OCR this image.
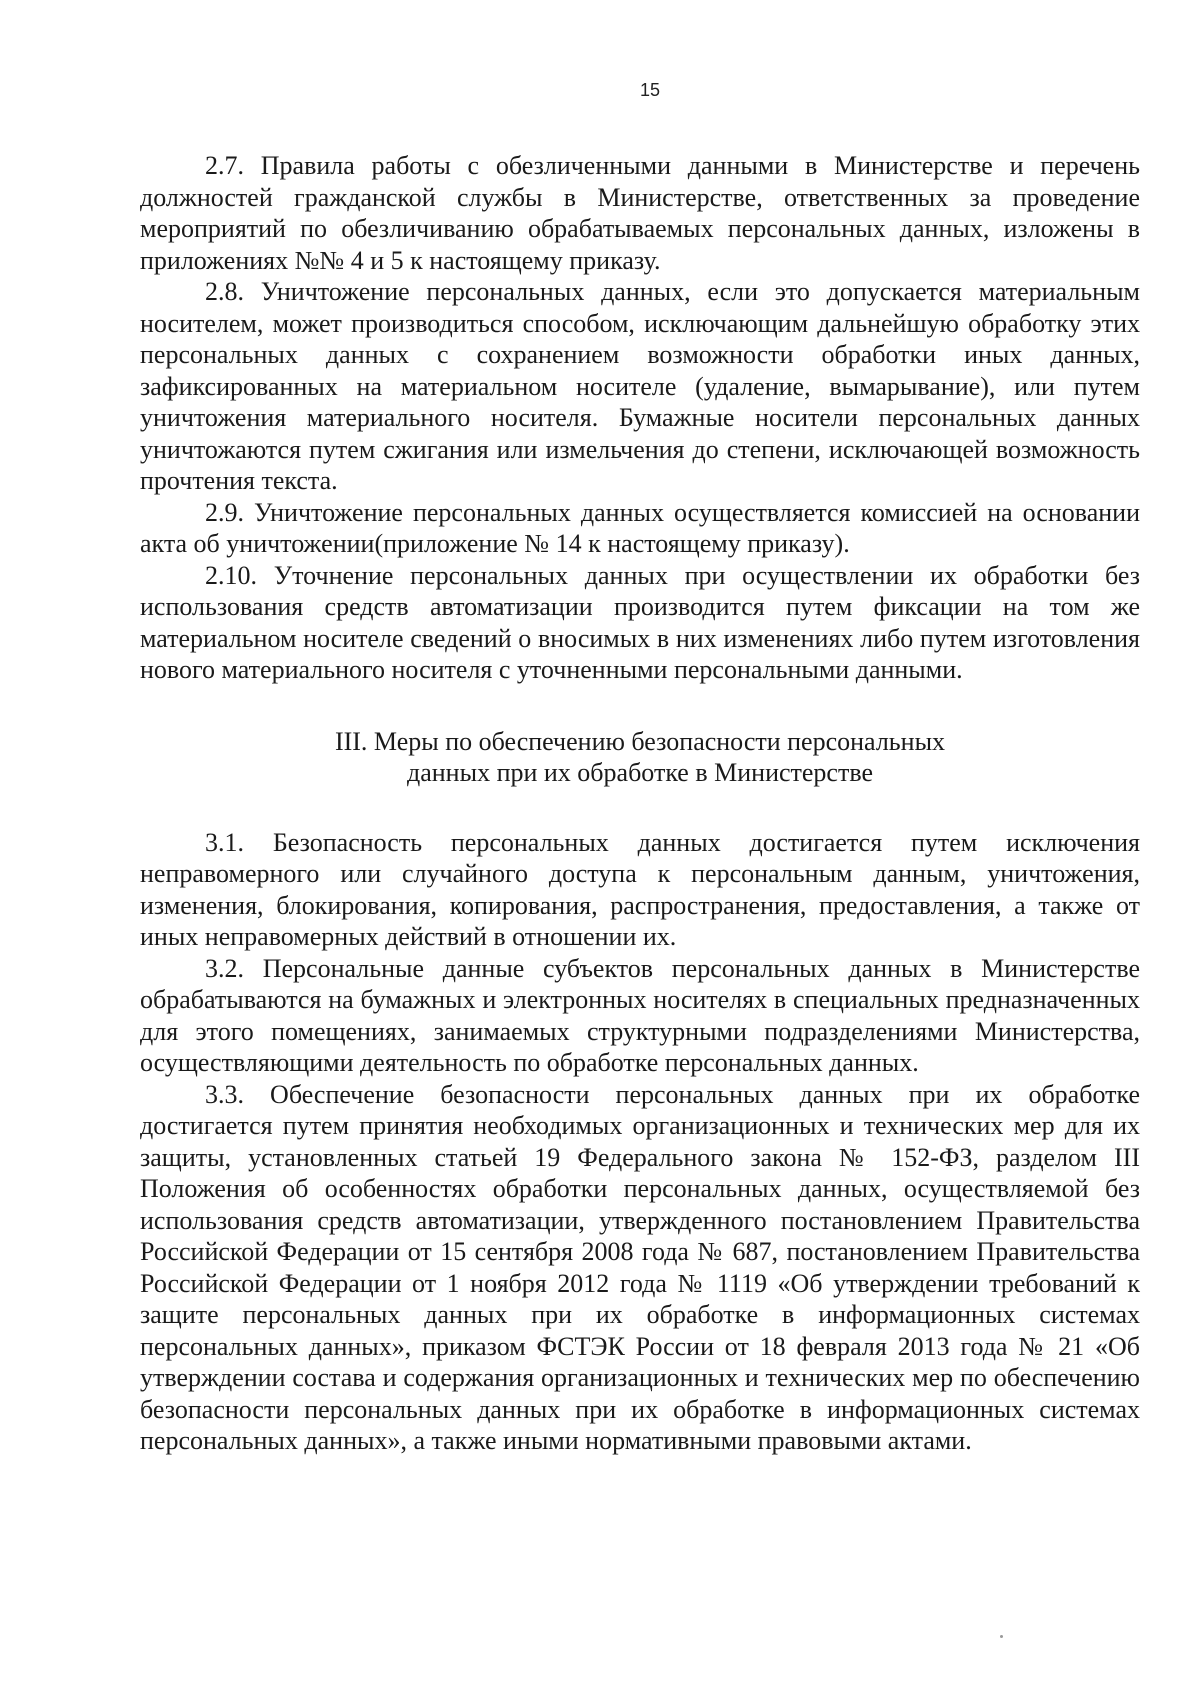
15

2.7. Правила работы с обезличенными данными в Министерстве и перечень должностей гражданской службы в Министерстве, ответственных за проведение мероприятий по обезличиванию обрабатываемых персональных данных, изложены в приложениях №№ 4 и 5 к настоящему приказу.

2.8. Уничтожение персональных данных, если это допускается материальным носителем, может производиться способом, исключающим дальнейшую обработку этих персональных данных с сохранением возможности обработки иных данных, зафиксированных на материальном носителе (удаление, вымарывание), или путем уничтожения материального носителя. Бумажные носители персональных данных уничтожаются путем сжигания или измельчения до степени, исключающей возможность прочтения текста.

2.9. Уничтожение персональных данных осуществляется комиссией на основании акта об уничтожении(приложение № 14 к настоящему приказу).

2.10. Уточнение персональных данных при осуществлении их обработки без использования средств автоматизации производится путем фиксации на том же материальном носителе сведений о вносимых в них изменениях либо путем изготовления нового материального носителя с уточненными персональными данными.

III. Меры по обеспечению безопасности персональных
данных при их обработке в Министерстве

3.1. Безопасность персональных данных достигается путем исключения неправомерного или случайного доступа к персональным данным, уничтожения, изменения, блокирования, копирования, распространения, предоставления, а также от иных неправомерных действий в отношении их.

3.2. Персональные данные субъектов персональных данных в Министерстве обрабатываются на бумажных и электронных носителях в специальных предназначенных для этого помещениях, занимаемых структурными подразделениями Министерства, осуществляющими деятельность по обработке персональных данных.

3.3. Обеспечение безопасности персональных данных при их обработке достигается путем принятия необходимых организационных и технических мер для их защиты, установленных статьей 19 Федерального закона № 152-ФЗ, разделом III Положения об особенностях обработки персональных данных, осуществляемой без использования средств автоматизации, утвержденного постановлением Правительства Российской Федерации от 15 сентября 2008 года № 687, постановлением Правительства Российской Федерации от 1 ноября 2012 года № 1119 «Об утверждении требований к защите персональных данных при их обработке в информационных системах персональных данных», приказом ФСТЭК России от 18 февраля 2013 года № 21 «Об утверждении состава и содержания организационных и технических мер по обеспечению безопасности персональных данных при их обработке в информационных системах персональных данных», а также иными нормативными правовыми актами.
